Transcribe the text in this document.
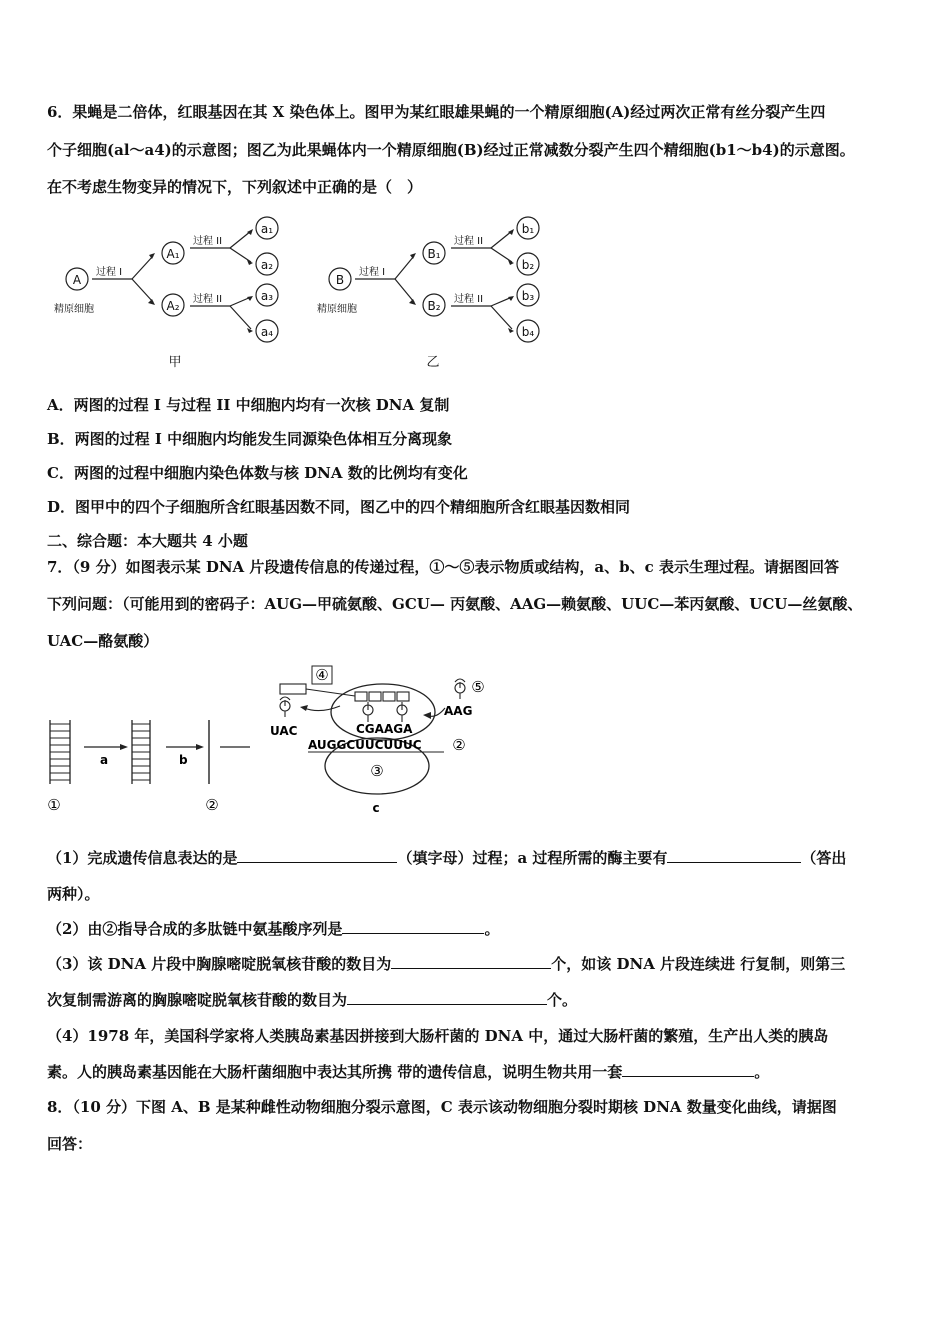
6．果蝇是二倍体，红眼基因在其 X 染色体上。图甲为某红眼雄果蝇的一个精原细胞(A)经过两次正常有丝分裂产生四
个子细胞(al～a4)的示意图；图乙为此果蝇体内一个精原细胞(B)经过正常减数分裂产生四个精细胞(b1～b4)的示意图。
在不考虑生物变异的情况下，下列叙述中正确的是（　）
A
A₁
A₂
a₁
a₂
a₃
a₄
精原细胞
过程 I
过程 II
过程 II
甲
B
B₁
B₂
b₁
b₂
b₃
b₄
精原细胞
过程 I
过程 II
过程 II
乙
A．两图的过程 I 与过程 II 中细胞内均有一次核 DNA 复制
B．两图的过程 I 中细胞内均能发生同源染色体相互分离现象
C．两图的过程中细胞内染色体数与核 DNA 数的比例均有变化
D．图甲中的四个子细胞所含红眼基因数不同，图乙中的四个精细胞所含红眼基因数相同
二、综合题：本大题共 4 小题
7．（9 分）如图表示某 DNA 片段遗传信息的传递过程，①～⑤表示物质或结构，a、b、c 表示生理过程。请据图回答
下列问题：（可能用到的密码子：AUG—甲硫氨酸、GCU— 丙氨酸、AAG—赖氨酸、UUC—苯丙氨酸、UCU—丝氨酸、
UAC—酪氨酸）
a	b
①	②
③
④
UAC
⑤
AAG
CGAAGA
AUGGCUUCUUUC ②
c
（1）完成遗传信息表达的是	（填字母）过程；a 过程所需的酶主要有	（答出
两种）。
（2）由②指导合成的多肽链中氨基酸序列是	。
（3）该 DNA 片段中胸腺嘧啶脱氧核苷酸的数目为	个，如该 DNA 片段连续进 行复制，则第三
次复制需游离的胸腺嘧啶脱氧核苷酸的数目为	个。
（4）1978 年，美国科学家将人类胰岛素基因拼接到大肠杆菌的 DNA 中，通过大肠杆菌的繁殖，生产出人类的胰岛
素。人的胰岛素基因能在大肠杆菌细胞中表达其所携 带的遗传信息，说明生物共用一套	。
8．（10 分）下图 A、B 是某种雌性动物细胞分裂示意图，C 表示该动物细胞分裂时期核 DNA 数量变化曲线，请据图
回答：
